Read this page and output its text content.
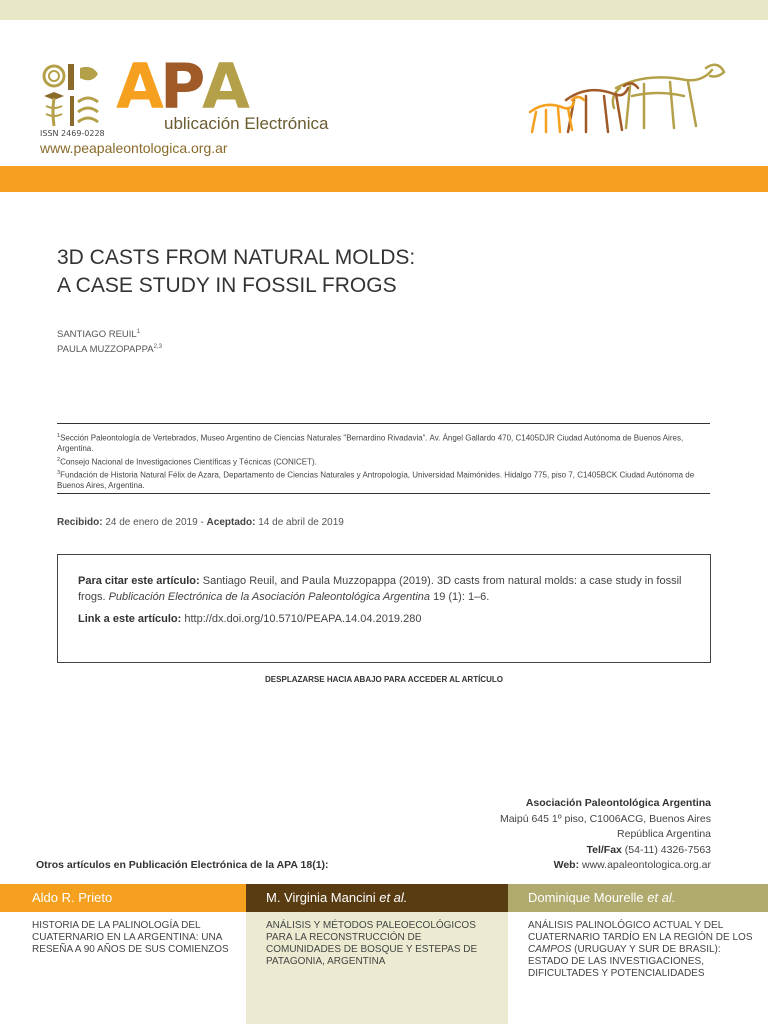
ISSN 2469-0228
A
P
A
ublicación Electrónica
www.peapaleontologica.org.ar
3D CASTS FROM NATURAL MOLDS:
A CASE STUDY IN FOSSIL FROGS
SANTIAGO REUIL$^1$
PAULA MUZZOPAPPA$^{2,3}$

$^1$Sección Paleontología de Vertebrados, Museo Argentino de Ciencias Naturales "Bernardino Rivadavia". Av. Ángel Gallardo 470, C1405DJR Ciudad Autónoma de Buenos Aires, Argentina.

$^2$Consejo Nacional de Investigaciones Científicas y Técnicas (CONICET).

$^3$Fundación de Historia Natural Félix de Azara, Departamento de Ciencias Naturales y Antropología, Universidad Maimónides. Hidalgo 775, piso 7, C1405BCK Ciudad Autónoma de Buenos Aires, Argentina.

Recibido: 24 de enero de 2019 - Aceptado: 14 de abril de 2019
Para citar este artículo: Santiago Reuil, and Paula Muzzopappa (2019). 3D casts from natural molds: a case study in fossil frogs. Publicación Electrónica de la Asociación Paleontológica Argentina 19 (1): 1–6.
Link a este artículo: http://dx.doi.org/10.5710/PEAPA.14.04.2019.280
DESPLAZARSE HACIA ABAJO PARA ACCEDER AL ARTÍCULO
Asociación Paleontológica Argentina
Maipú 645 1º piso, C1006ACG, Buenos Aires
República Argentina
Tel/Fax (54-11) 4326-7563
Web: www.apaleontologica.org.ar
Otros artículos en Publicación Electrónica de la APA 18(1):
Aldo R. Prieto	M. Virginia Mancini et al.	Dominique Mourelle et al.
HISTORIA DE LA PALINOLOGÍA DEL CUATERNARIO EN LA ARGENTINA: UNA RESEÑA A 90 AÑOS DE SUS COMIENZOS
ANÁLISIS Y MÉTODOS PALEOECOLÓGICOS PARA LA RECONSTRUCCIÓN DE COMUNIDADES DE BOSQUE Y ESTEPAS DE PATAGONIA, ARGENTINA
ANÁLISIS PALINOLÓGICO ACTUAL Y DEL CUATERNARIO TARDÍO EN LA REGIÓN DE LOS CAMPOS (URUGUAY Y SUR DE BRASIL): ESTADO DE LAS INVESTIGACIONES, DIFICULTADES Y POTENCIALIDADES
